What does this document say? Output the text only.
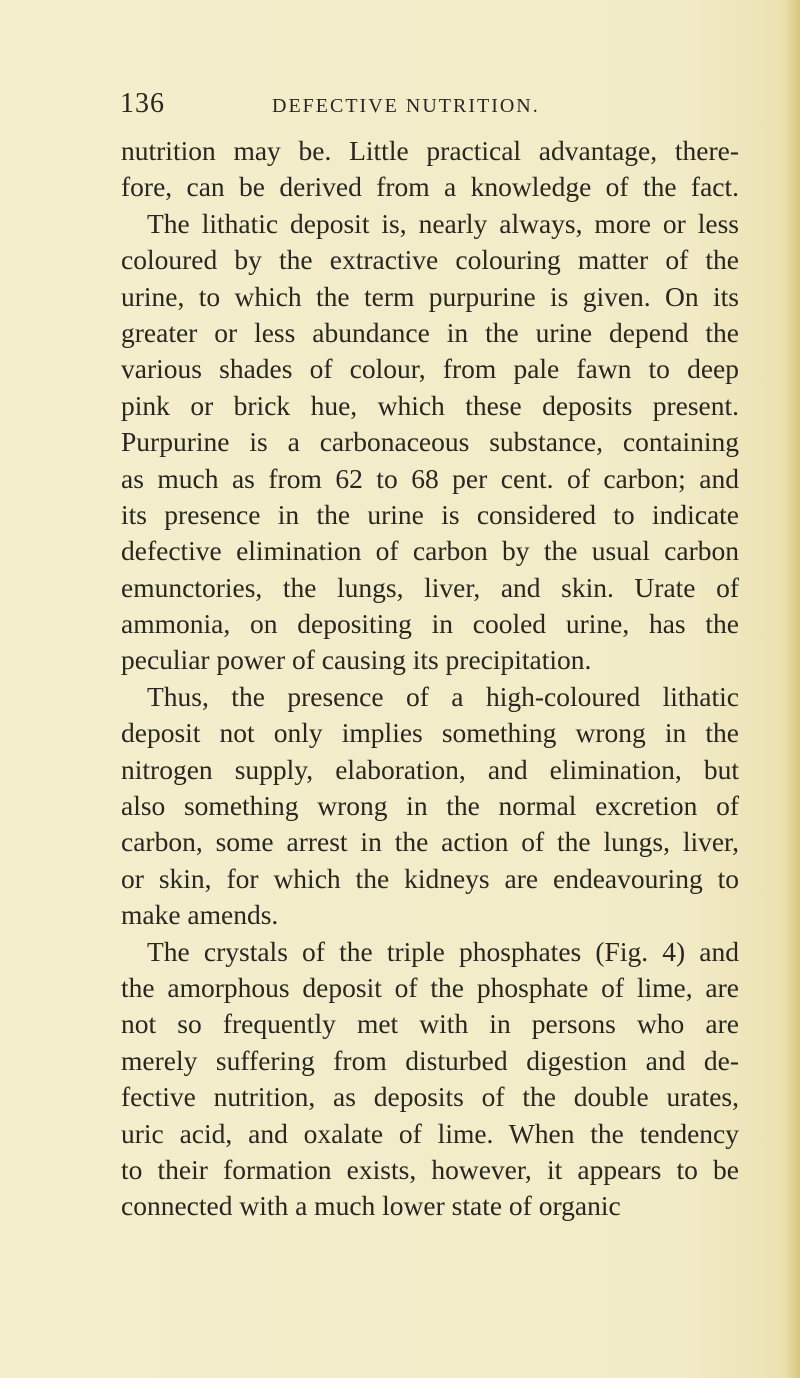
136	DEFECTIVE NUTRITION.
nutrition may be. Little practical advantage, there-
fore, can be derived from a knowledge of the fact.
The lithatic deposit is, nearly always, more or less
coloured by the extractive colouring matter of the
urine, to which the term purpurine is given. On its
greater or less abundance in the urine depend the
various shades of colour, from pale fawn to deep
pink or brick hue, which these deposits present.
Purpurine is a carbonaceous substance, containing
as much as from 62 to 68 per cent. of carbon; and
its presence in the urine is considered to indicate
defective elimination of carbon by the usual carbon
emunctories, the lungs, liver, and skin. Urate of
ammonia, on depositing in cooled urine, has the
peculiar power of causing its precipitation.
Thus, the presence of a high-coloured lithatic
deposit not only implies something wrong in the
nitrogen supply, elaboration, and elimination, but
also something wrong in the normal excretion of
carbon, some arrest in the action of the lungs, liver,
or skin, for which the kidneys are endeavouring to
make amends.
The crystals of the triple phosphates (Fig. 4) and
the amorphous deposit of the phosphate of lime, are
not so frequently met with in persons who are
merely suffering from disturbed digestion and de-
fective nutrition, as deposits of the double urates,
uric acid, and oxalate of lime. When the tendency
to their formation exists, however, it appears to be
connected with a much lower state of organic
